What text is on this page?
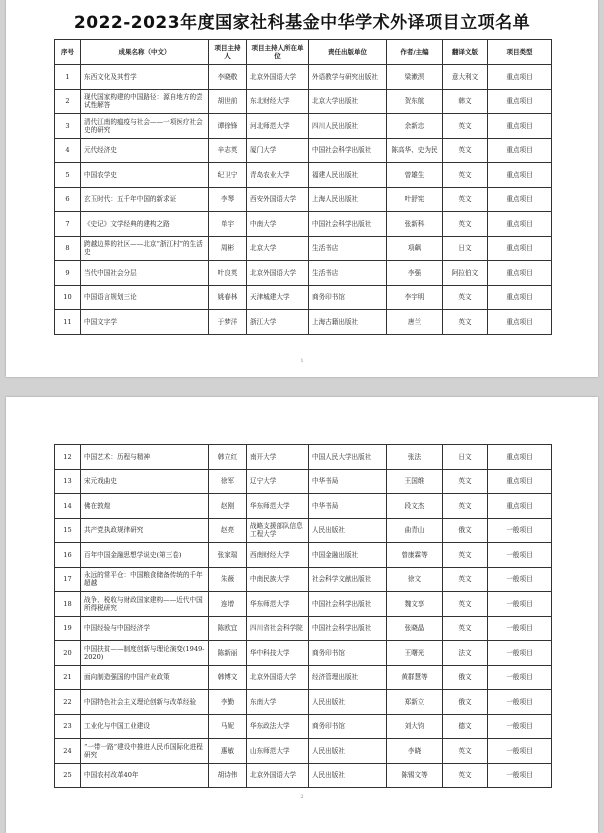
2022-2023年度国家社科基金中华学术外译项目立项名单
序号	成果名称（中文）	项目主持人	项目主持人所在单位	责任出版单位	作者/主编	翻译文版	项目类型
1	东西文化及其哲学	李晓敬	北京外国语大学	外语教学与研究出版社	梁漱溟	意大利文	重点项目
2	现代国家构建的中国路径：源自地方的尝试性解答	胡世前	东北财经大学	北京大学出版社	贺东航	韩文	重点项目
3	清代江南的瘟疫与社会——一项医疗社会史的研究	谭徐锋	河北师范大学	四川人民出版社	余新忠	英文	重点项目
4	元代经济史	辛志英	厦门大学	中国社会科学出版社	陈高华、史为民	英文	重点项目
5	中国农学史	纪卫宁	青岛农业大学	福建人民出版社	曾雄生	英文	重点项目
6	玄玉时代：五千年中国的新求证	李琴	西安外国语大学	上海人民出版社	叶舒宪	英文	重点项目
7	《史记》文学经典的建构之路	单宇	中南大学	中国社会科学出版社	张新科	英文	重点项目
8	跨越边界的社区——北京“浙江村”的生活史	周彬	北京大学	生活书店	项飙	日文	重点项目
9	当代中国社会分层	叶良英	北京外国语大学	生活书店	李强	阿拉伯文	重点项目
10	中国语言规划三论	姚春林	天津城建大学	商务印书馆	李宇明	英文	重点项目
11	中国文字学	于梦洋	浙江大学	上海古籍出版社	唐兰	英文	重点项目
1
12	中国艺术：历程与精神	韩立红	南开大学	中国人民大学出版社	张法	日文	重点项目
13	宋元戏曲史	徐军	辽宁大学	中华书局	王国维	英文	重点项目
14	佛在敦煌	赵刚	华东师范大学	中华书局	段文杰	英文	重点项目
15	共产党执政规律研究	赵亮	战略支援部队信息工程大学	人民出版社	曲青山	俄文	一般项目
16	百年中国金融思想学说史(第三卷)	张家瑞	西南财经大学	中国金融出版社	曾康霖等	英文	一般项目
17	永远的常平仓：中国粮食储备传统的千年超越	朱薇	中南民族大学	社会科学文献出版社	徐文	英文	一般项目
18	战争、税收与财政国家建构——近代中国所得税研究	连增	华东师范大学	中国社会科学出版社	魏文享	英文	一般项目
19	中国经验与中国经济学	陈欧宜	四川省社会科学院	中国社会科学出版社	张晓晶	英文	一般项目
20	中国扶贫——制度创新与理论演变(1949-2020)	陈新丽	华中科技大学	商务印书馆	王曙光	法文	一般项目
21	面向制造强国的中国产业政策	韩博文	北京外国语大学	经济管理出版社	黄群慧等	俄文	一般项目
22	中国特色社会主义理论创新与改革经验	李勤	东南大学	人民出版社	郑新立	俄文	一般项目
23	工业化与中国工业建设	马妮	华东政法大学	商务印书馆	刘大钧	德文	一般项目
24	“一带一路”建设中推进人民币国际化进程研究	惠敏	山东师范大学	人民出版社	李晓	英文	一般项目
25	中国农村改革40年	胡诗伟	北京外国语大学	人民出版社	陈锡文等	英文	一般项目
2
